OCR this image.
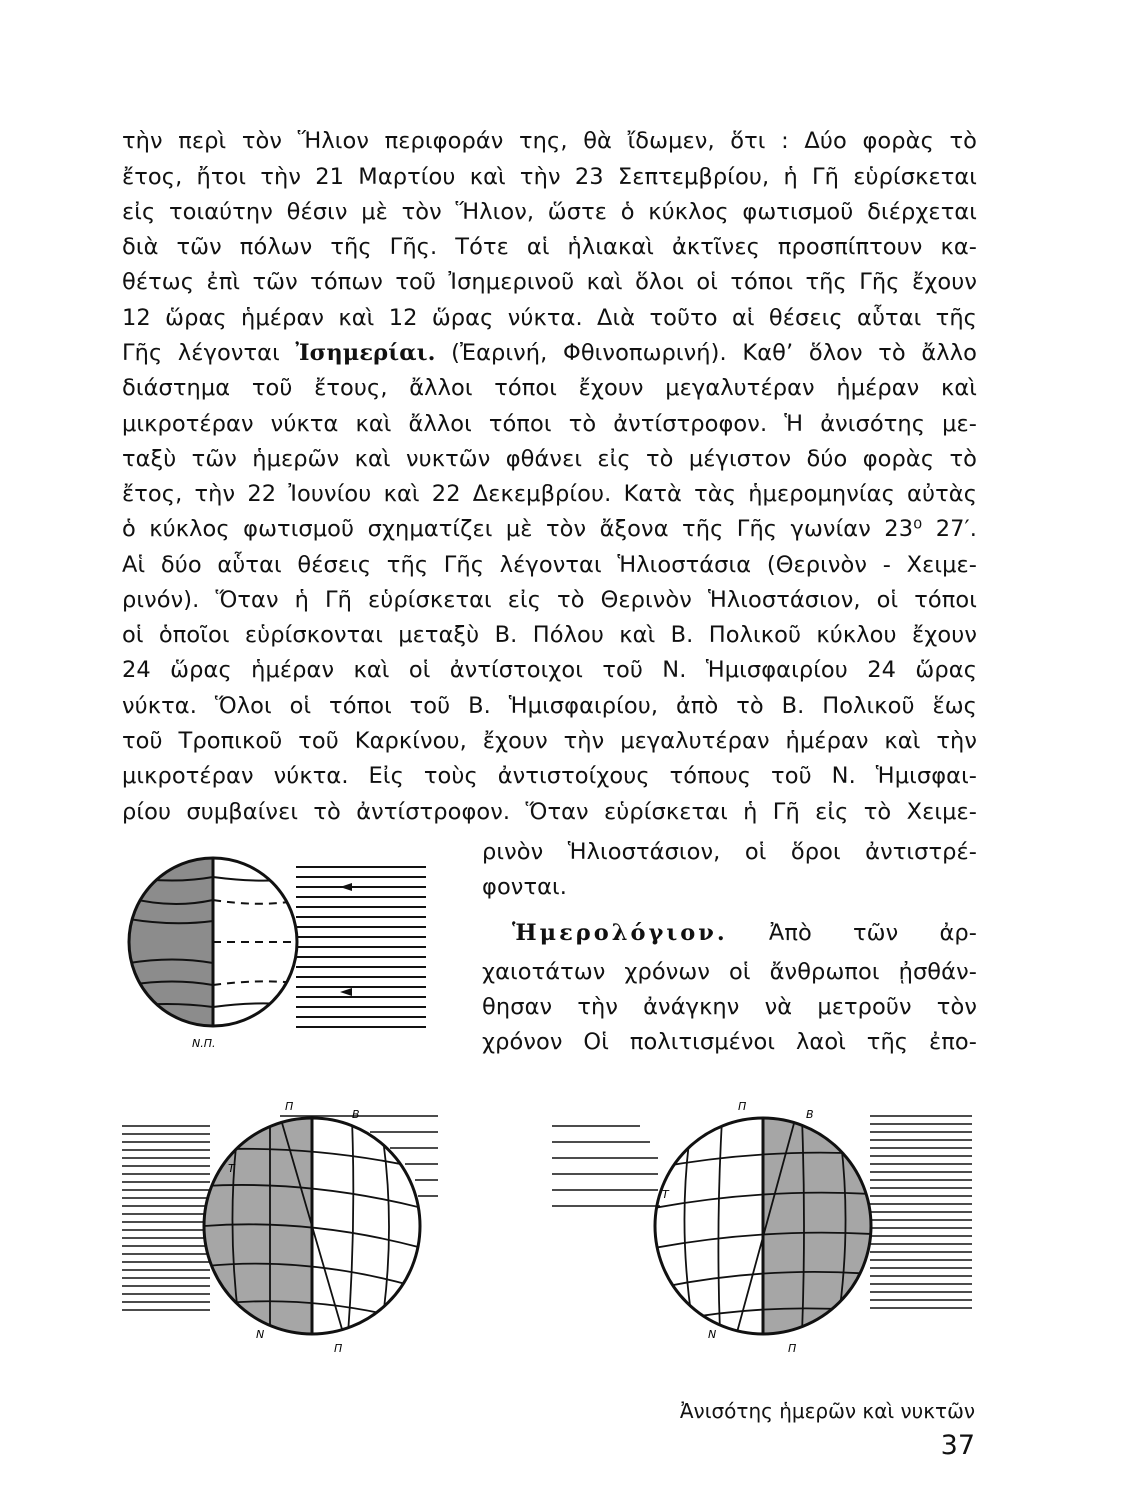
τὴν περὶ τὸν Ἥλιον περιφοράν της, θὰ ἴδωμεν, ὅτι : Δύο φορὰς τὸ
ἔτος, ἤτοι τὴν 21 Μαρτίου καὶ τὴν 23 Σεπτεμβρίου, ἡ Γῆ εὑρίσκεται
εἰς τοιαύτην θέσιν μὲ τὸν Ἥλιον, ὥστε ὁ κύκλος φωτισμοῦ διέρχεται
διὰ τῶν πόλων τῆς Γῆς. Τότε αἱ ἡλιακαὶ ἀκτῖνες προσπίπτουν κα-
θέτως ἐπὶ τῶν τόπων τοῦ Ἰσημερινοῦ καὶ ὅλοι οἱ τόποι τῆς Γῆς ἔχουν
12 ὥρας ἡμέραν καὶ 12 ὥρας νύκτα. Διὰ τοῦτο αἱ θέσεις αὗται τῆς
Γῆς λέγονται Ἰσημερίαι. (Ἐαρινή, Φθινοπωρινή). Καθ’ ὅλον τὸ ἄλλο
διάστημα τοῦ ἔτους, ἄλλοι τόποι ἔχουν μεγαλυτέραν ἡμέραν καὶ
μικροτέραν νύκτα καὶ ἄλλοι τόποι τὸ ἀντίστροφον. Ἡ ἀνισότης με-
ταξὺ τῶν ἡμερῶν καὶ νυκτῶν φθάνει εἰς τὸ μέγιστον δύο φορὰς τὸ
ἔτος, τὴν 22 Ἰουνίου καὶ 22 Δεκεμβρίου. Κατὰ τὰς ἡμερομηνίας αὐτὰς
ὁ κύκλος φωτισμοῦ σχηματίζει μὲ τὸν ἄξονα τῆς Γῆς γωνίαν 23⁰ 27′.
Αἱ δύο αὗται θέσεις τῆς Γῆς λέγονται Ἡλιοστάσια (Θερινὸν - Χειμε-
ρινόν). Ὅταν ἡ Γῆ εὑρίσκεται εἰς τὸ Θερινὸν Ἡλιοστάσιον, οἱ τόποι
οἱ ὁποῖοι εὑρίσκονται μεταξὺ Β. Πόλου καὶ Β. Πολικοῦ κύκλου ἔχουν
24 ὥρας ἡμέραν καὶ οἱ ἀντίστοιχοι τοῦ Ν. Ἡμισφαιρίου 24 ὥρας
νύκτα. Ὅλοι οἱ τόποι τοῦ Β. Ἡμισφαιρίου, ἀπὸ τὸ Β. Πολικοῦ ἕως
τοῦ Τροπικοῦ τοῦ Καρκίνου, ἔχουν τὴν μεγαλυτέραν ἡμέραν καὶ τὴν
μικροτέραν νύκτα. Εἰς τοὺς ἀντιστοίχους τόπους τοῦ Ν. Ἡμισφαι-
ρίου συμβαίνει τὸ ἀντίστροφον. Ὅταν εὑρίσκεται ἡ Γῆ εἰς τὸ Χειμε-
ρινὸν Ἡλιοστάσιον, οἱ ὅροι ἀντιστρέ-
φονται.
Ἡμερολόγιον. Ἀπὸ τῶν ἀρ-
χαιοτάτων χρόνων οἱ ἄνθρωποι ᾐσθάν-
θησαν τὴν ἀνάγκην νὰ μετροῦν τὸν
χρόνον Οἱ πολιτισμένοι λαοὶ τῆς ἐπο-
Ν.Π.
Π
Β
Ν
Π
Τ
Π
Β
Ν
Π
Τ
Ἀνισότης ἡμερῶν καὶ νυκτῶν
37
